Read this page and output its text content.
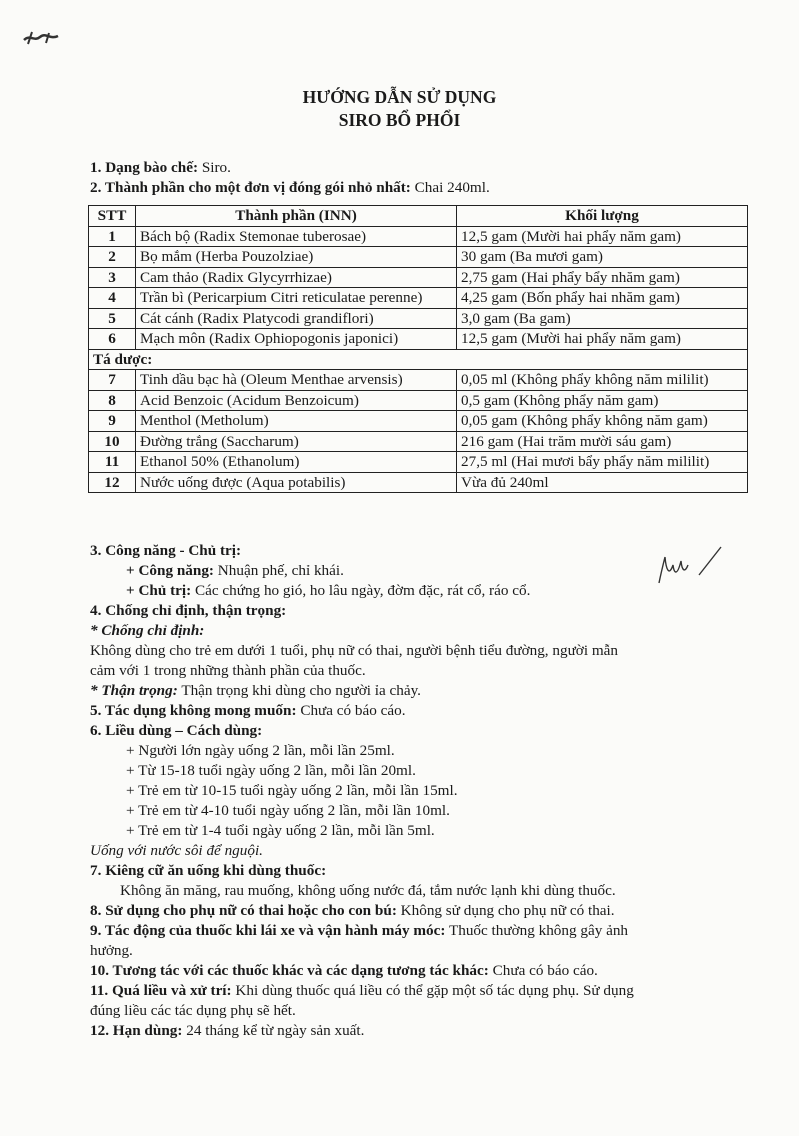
HƯỚNG DẪN SỬ DỤNG
SIRO BỔ PHỔI
1. Dạng bào chế: Siro.
2. Thành phần cho một đơn vị đóng gói nhỏ nhất: Chai 240ml.
STT	Thành phần (INN)	Khối lượng
1	Bách bộ (Radix Stemonae tuberosae)	12,5 gam (Mười hai phẩy năm gam)
2	Bọ mắm (Herba Pouzolziae)	30 gam (Ba mươi gam)
3	Cam thảo (Radix Glycyrrhizae)	2,75 gam (Hai phẩy bẩy nhăm gam)
4	Trần bì (Pericarpium Citri reticulatae perenne)	4,25 gam (Bốn phẩy hai nhăm gam)
5	Cát cánh (Radix Platycodi grandiflori)	3,0 gam (Ba gam)
6	Mạch môn (Radix Ophiopogonis japonici)	12,5 gam (Mười hai phẩy năm gam)
Tá dược:		
7	Tinh dầu bạc hà (Oleum Menthae arvensis)	0,05 ml (Không phẩy không năm mililit)
8	Acid Benzoic (Acidum Benzoicum)	0,5 gam (Không phẩy năm gam)
9	Menthol (Metholum)	0,05 gam (Không phẩy không năm gam)
10	Đường trắng (Saccharum)	216 gam (Hai trăm mười sáu gam)
11	Ethanol 50% (Ethanolum)	27,5 ml (Hai mươi bẩy phẩy năm mililit)
12	Nước uống được (Aqua potabilis)	Vừa đủ 240ml
3. Công năng - Chủ trị:
+ Công năng: Nhuận phế, chỉ khái.
+ Chủ trị: Các chứng ho gió, ho lâu ngày, đờm đặc, rát cổ, ráo cổ.
4. Chống chỉ định, thận trọng:
* Chống chỉ định:
Không dùng cho trẻ em dưới 1 tuổi, phụ nữ có thai, người bệnh tiểu đường, người mẫn
cảm với 1 trong những thành phần của thuốc.
* Thận trọng: Thận trọng khi dùng cho người ỉa chảy.
5. Tác dụng không mong muốn: Chưa có báo cáo.
6. Liều dùng – Cách dùng:
+ Người lớn ngày uống 2 lần, mỗi lần 25ml.
+ Từ 15-18 tuổi ngày uống 2 lần, mỗi lần 20ml.
+ Trẻ em từ 10-15 tuổi ngày uống 2 lần, mỗi lần 15ml.
+ Trẻ em từ 4-10 tuổi ngày uống 2 lần, mỗi lần 10ml.
+ Trẻ em từ 1-4 tuổi ngày uống 2 lần, mỗi lần 5ml.
Uống với nước sôi để nguội.
7. Kiêng cữ ăn uống khi dùng thuốc:
Không ăn măng, rau muống, không uống nước đá, tắm nước lạnh khi dùng thuốc.
8. Sử dụng cho phụ nữ có thai hoặc cho con bú: Không sử dụng cho phụ nữ có thai.
9. Tác động của thuốc khi lái xe và vận hành máy móc: Thuốc thường không gây ảnh
hưởng.
10. Tương tác với các thuốc khác và các dạng tương tác khác: Chưa có báo cáo.
11. Quá liều và xử trí: Khi dùng thuốc quá liều có thể gặp một số tác dụng phụ. Sử dụng
đúng liều các tác dụng phụ sẽ hết.
12. Hạn dùng: 24 tháng kể từ ngày sản xuất.
